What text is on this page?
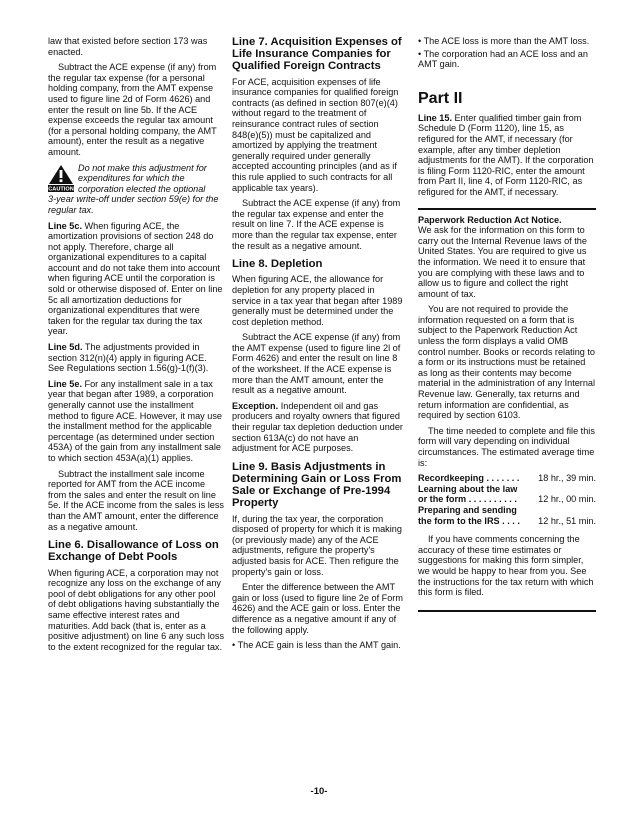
law that existed before section 173 was enacted.

Subtract the ACE expense (if any) from the regular tax expense (for a personal holding company, from the AMT expense used to figure line 2d of Form 4626) and enter the result on line 5b. If the ACE expense exceeds the regular tax amount (for a personal holding company, the AMT amount), enter the result as a negative amount.

CAUTION
Do not make this adjustment for expenditures for which the corporation elected the optional
3-year write-off under section 59(e) for the regular tax.

Line 5c. When figuring ACE, the amortization provisions of section 248 do not apply. Therefore, charge all organizational expenditures to a capital account and do not take them into account when figuring ACE until the corporation is sold or otherwise disposed of. Enter on line 5c all amortization deductions for organizational expenditures that were taken for the regular tax during the tax year.

Line 5d. The adjustments provided in section 312(n)(4) apply in figuring ACE. See Regulations section 1.56(g)-1(f)(3).

Line 5e. For any installment sale in a tax year that began after 1989, a corporation generally cannot use the installment method to figure ACE. However, it may use the installment method for the applicable percentage (as determined under section 453A) of the gain from any installment sale to which section 453A(a)(1) applies.

Subtract the installment sale income reported for AMT from the ACE income from the sales and enter the result on line 5e. If the ACE income from the sales is less than the AMT amount, enter the difference as a negative amount.

Line 6. Disallowance of Loss on Exchange of Debt Pools

When figuring ACE, a corporation may not recognize any loss on the exchange of any pool of debt obligations for any other pool of debt obligations having substantially the same effective interest rates and maturities. Add back (that is, enter as a positive adjustment) on line 6 any such loss to the extent recognized for the regular tax.

Line 7. Acquisition Expenses of Life Insurance Companies for Qualified Foreign Contracts

For ACE, acquisition expenses of life insurance companies for qualified foreign contracts (as defined in section 807(e)(4) without regard to the treatment of reinsurance contract rules of section 848(e)(5)) must be capitalized and amortized by applying the treatment generally required under generally accepted accounting principles (and as if this rule applied to such contracts for all applicable tax years).

Subtract the ACE expense (if any) from the regular tax expense and enter the result on line 7. If the ACE expense is more than the regular tax expense, enter the result as a negative amount.

Line 8. Depletion

When figuring ACE, the allowance for depletion for any property placed in service in a tax year that began after 1989 generally must be determined under the cost depletion method.

Subtract the ACE expense (if any) from the AMT expense (used to figure line 2l of Form 4626) and enter the result on line 8 of the worksheet. If the ACE expense is more than the AMT amount, enter the result as a negative amount.

Exception. Independent oil and gas producers and royalty owners that figured their regular tax depletion deduction under section 613A(c) do not have an adjustment for ACE purposes.

Line 9. Basis Adjustments in Determining Gain or Loss From Sale or Exchange of Pre-1994 Property

If, during the tax year, the corporation disposed of property for which it is making (or previously made) any of the ACE adjustments, refigure the property's adjusted basis for ACE. Then refigure the property's gain or loss.

Enter the difference between the AMT gain or loss (used to figure line 2e of Form 4626) and the ACE gain or loss. Enter the difference as a negative amount if any of the following apply.

• The ACE gain is less than the AMT gain.

• The ACE loss is more than the AMT loss.

• The corporation had an ACE loss and an AMT gain.

Part II

Line 15. Enter qualified timber gain from Schedule D (Form 1120), line 15, as refigured for the AMT, if necessary (for example, after any timber depletion adjustments for the AMT). If the corporation is filing Form 1120-RIC, enter the amount from Part II, line 4, of Form 1120-RIC, as refigured for the AMT, if necessary.

Paperwork Reduction Act Notice.

We ask for the information on this form to carry out the Internal Revenue laws of the United States. You are required to give us the information. We need it to ensure that you are complying with these laws and to allow us to figure and collect the right amount of tax.

You are not required to provide the information requested on a form that is subject to the Paperwork Reduction Act unless the form displays a valid OMB control number. Books or records relating to a form or its instructions must be retained as long as their contents may become material in the administration of any Internal Revenue law. Generally, tax returns and return information are confidential, as required by section 6103.

The time needed to complete and file this form will vary depending on individual circumstances. The estimated average time is:

Recordkeeping . . . . . . . 18 hr., 39 min.
Learning about the law
or the form . . . . . . . . . . 12 hr., 00 min.
Preparing and sending
the form to the IRS . . . . 12 hr., 51 min.

If you have comments concerning the accuracy of these time estimates or suggestions for making this form simpler, we would be happy to hear from you. See the instructions for the tax return with which this form is filed.

-10-
